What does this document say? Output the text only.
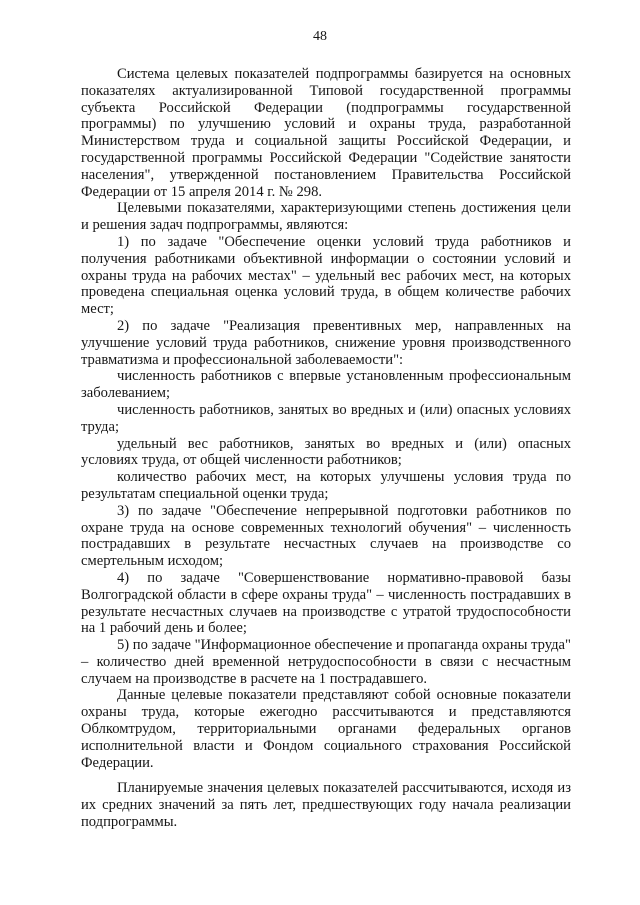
48

Система целевых показателей подпрограммы базируется на основных показателях актуализированной Типовой государственной программы субъекта Российской Федерации (подпрограммы государственной программы) по улучшению условий и охраны труда, разработанной Министерством труда и социальной защиты Российской Федерации, и государственной программы Российской Федерации "Содействие занятости населения", утвержденной постановлением Правительства Российской Федерации от 15 апреля 2014 г. № 298.

Целевыми показателями, характеризующими степень достижения цели и решения задач подпрограммы, являются:

1) по задаче "Обеспечение оценки условий труда работников и получения работниками объективной информации о состоянии условий и охраны труда на рабочих местах" – удельный вес рабочих мест, на которых проведена специальная оценка условий труда, в общем количестве рабочих мест;

2) по задаче "Реализация превентивных мер, направленных на улучшение условий труда работников, снижение уровня производственного травматизма и профессиональной заболеваемости":

численность работников с впервые установленным профессиональным заболеванием;

численность работников, занятых во вредных и (или) опасных условиях труда;

удельный вес работников, занятых во вредных и (или) опасных условиях труда, от общей численности работников;

количество рабочих мест, на которых улучшены условия труда по результатам специальной оценки труда;

3) по задаче "Обеспечение непрерывной подготовки работников по охране труда на основе современных технологий обучения" – численность пострадавших в результате несчастных случаев на производстве со смертельным исходом;

4) по задаче "Совершенствование нормативно-правовой базы Волгоградской области в сфере охраны труда" – численность пострадавших в результате несчастных случаев на производстве с утратой трудоспособности на 1 рабочий день и более;

5) по задаче "Информационное обеспечение и пропаганда охраны труда" – количество дней временной нетрудоспособности в связи с несчастным случаем на производстве в расчете на 1 пострадавшего.

Данные целевые показатели представляют собой основные показатели охраны труда, которые ежегодно рассчитываются и представляются Облкомтрудом, территориальными органами федеральных органов исполнительной власти и Фондом социального страхования Российской Федерации.

Планируемые значения целевых показателей рассчитываются, исходя из их средних значений за пять лет, предшествующих году начала реализации подпрограммы.
